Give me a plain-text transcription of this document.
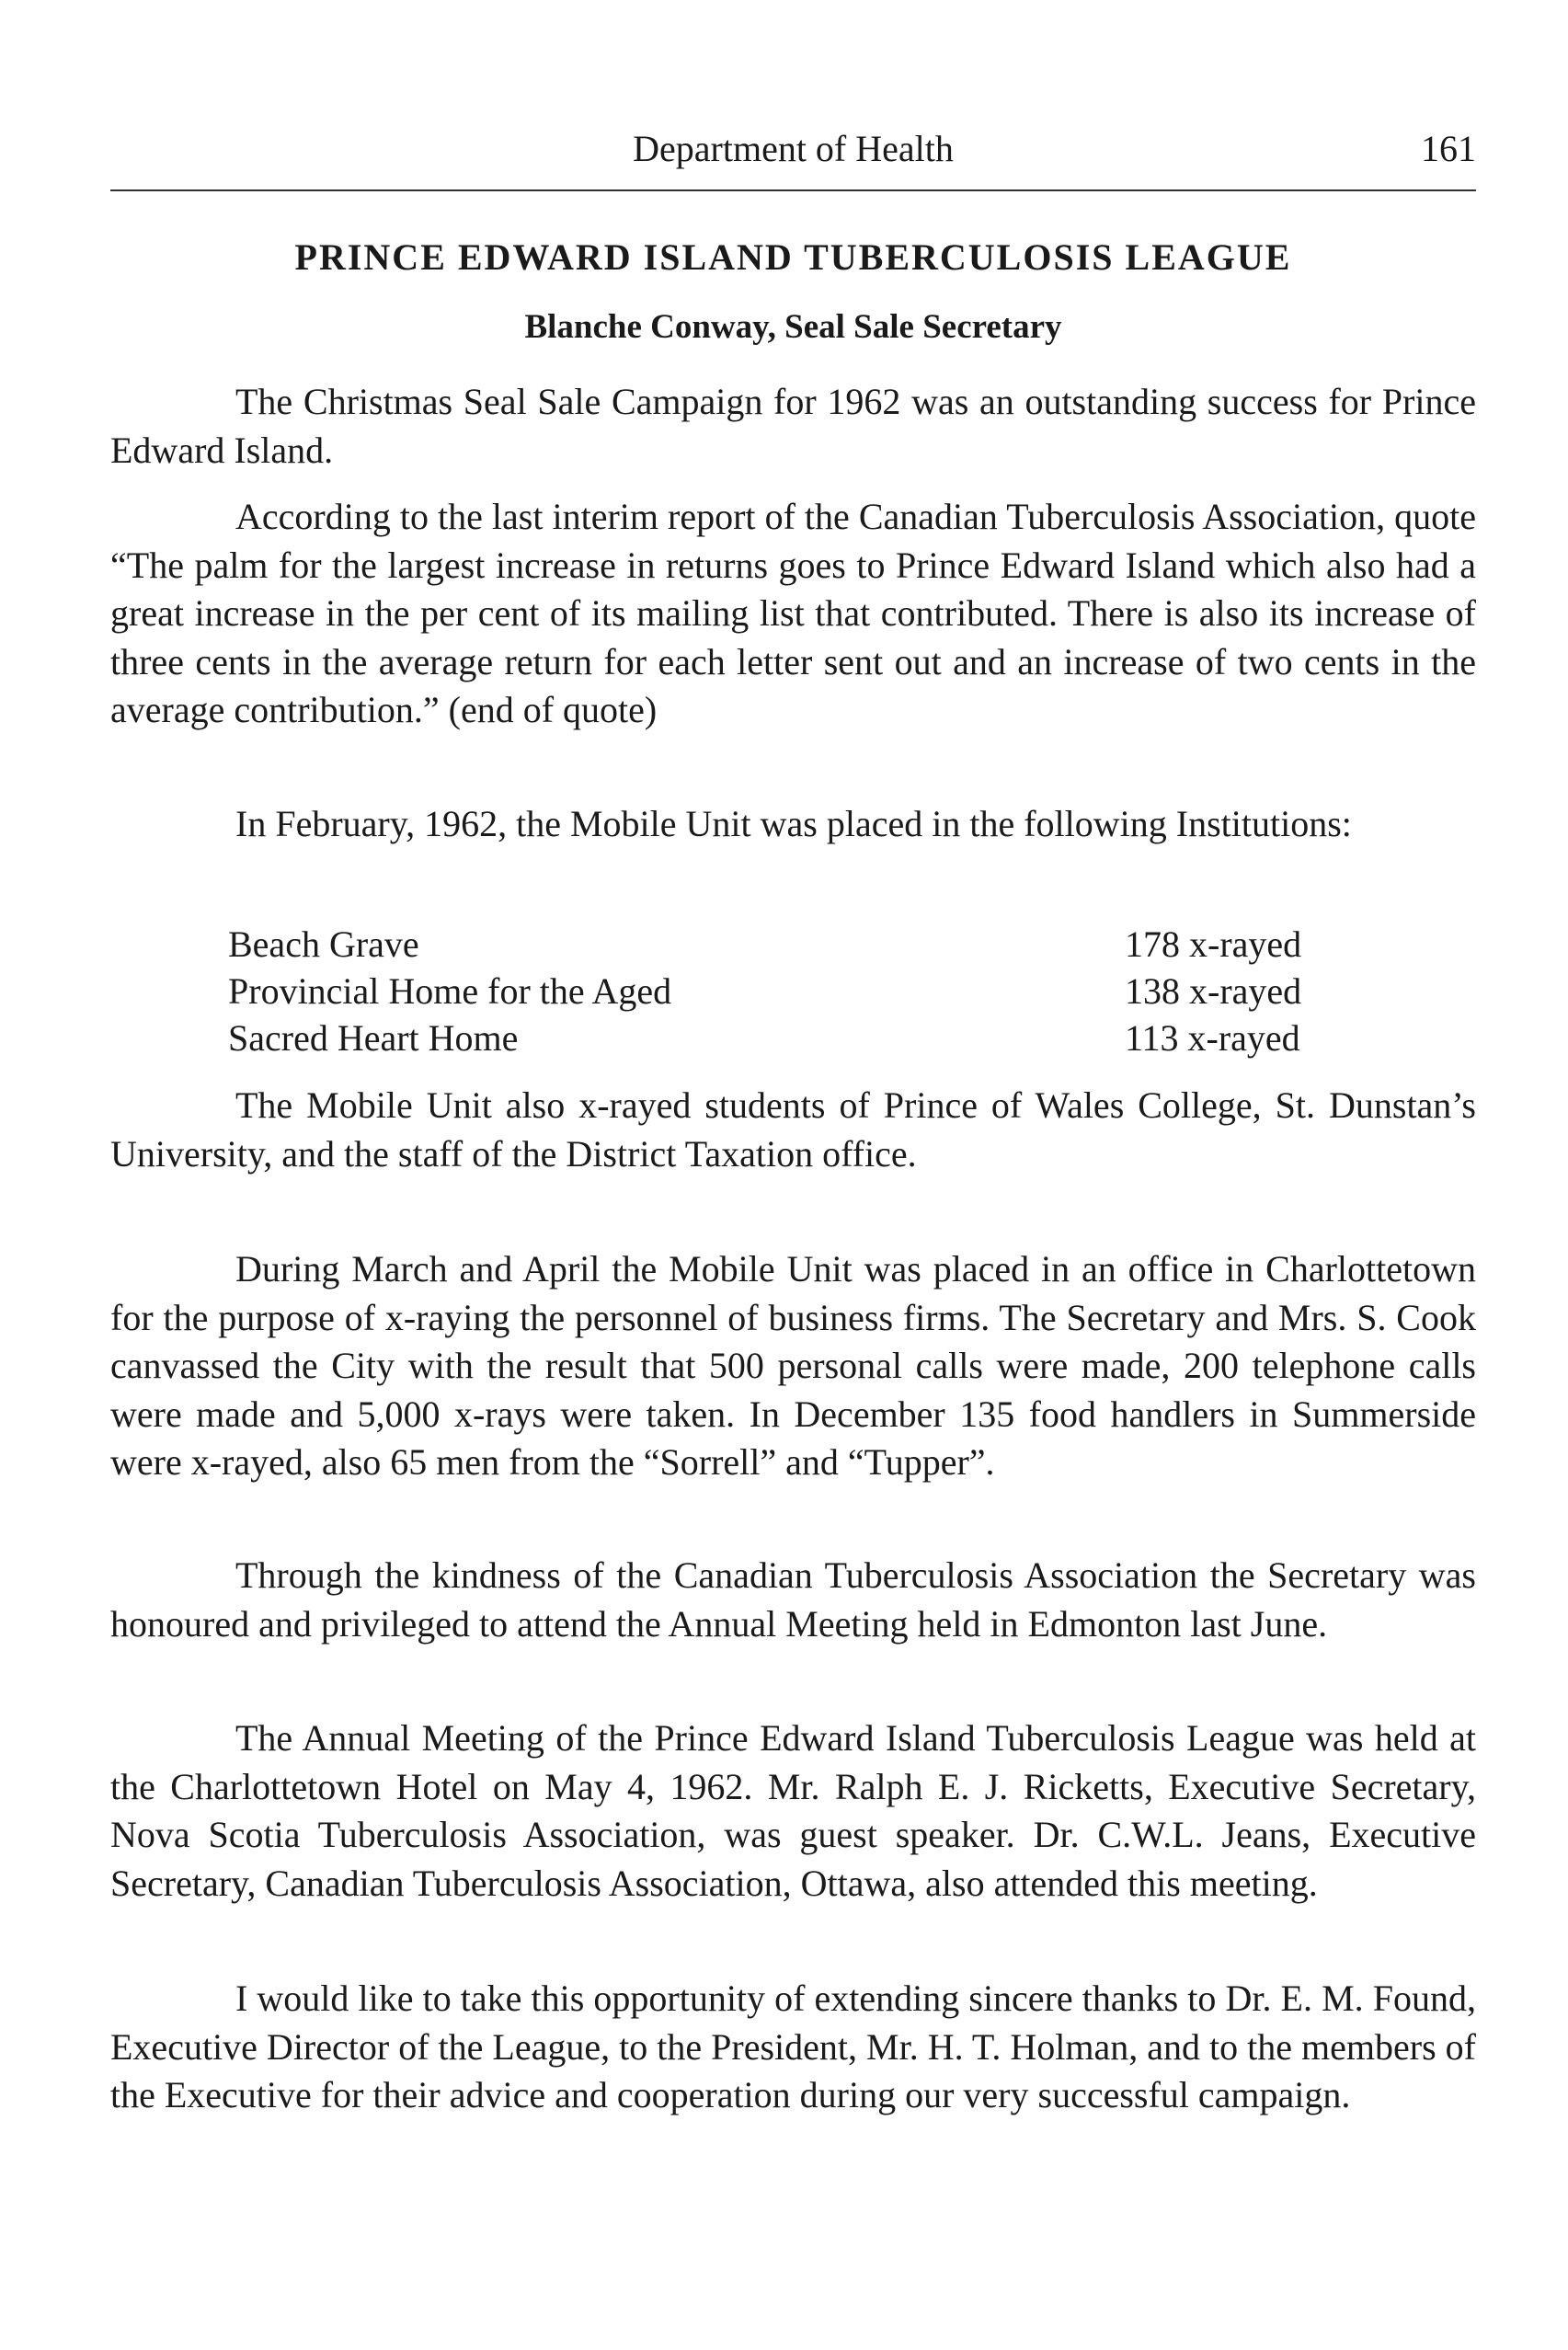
Department of Health	161
PRINCE EDWARD ISLAND TUBERCULOSIS LEAGUE
Blanche Conway, Seal Sale Secretary

The Christmas Seal Sale Campaign for 1962 was an outstanding success for Prince Edward Island.

According to the last interim report of the Canadian Tuberculosis Association, quote “The palm for the largest increase in returns goes to Prince Edward Island which also had a great increase in the per cent of its mailing list that contributed. There is also its increase of three cents in the average return for each letter sent out and an increase of two cents in the average contribution.” (end of quote)

In February, 1962, the Mobile Unit was placed in the following Institutions:

Beach Grave	178 x-rayed
Provincial Home for the Aged	138 x-rayed
Sacred Heart Home	113 x-rayed

The Mobile Unit also x-rayed students of Prince of Wales College, St. Dunstan’s University, and the staff of the District Taxation office.

During March and April the Mobile Unit was placed in an office in Charlottetown for the purpose of x-raying the personnel of business firms. The Secretary and Mrs. S. Cook canvassed the City with the result that 500 personal calls were made, 200 telephone calls were made and 5,000 x-rays were taken. In December 135 food handlers in Summerside were x-rayed, also 65 men from the “Sorrell” and “Tupper”.

Through the kindness of the Canadian Tuberculosis Association the Secretary was honoured and privileged to attend the Annual Meeting held in Edmonton last June.

The Annual Meeting of the Prince Edward Island Tuberculosis League was held at the Charlottetown Hotel on May 4, 1962. Mr. Ralph E. J. Ricketts, Executive Secretary, Nova Scotia Tuberculosis Association, was guest speaker. Dr. C.W.L. Jeans, Executive Secretary, Canadian Tuberculosis Association, Ottawa, also attended this meeting.

I would like to take this opportunity of extending sincere thanks to Dr. E. M. Found, Executive Director of the League, to the President, Mr. H. T. Holman, and to the members of the Executive for their advice and cooperation during our very successful campaign.
